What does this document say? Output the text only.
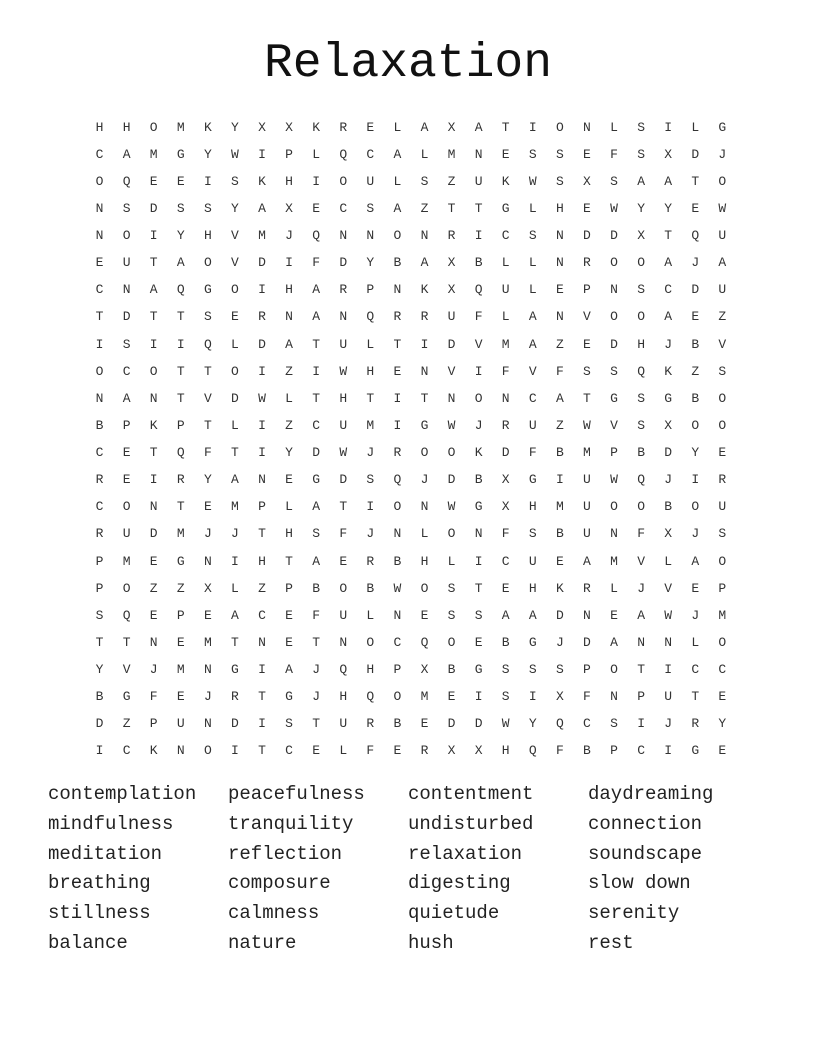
Relaxation
H	H	O	M	K	Y	X	X	K	R	E	L	A	X	A	T	I	O	N	L	S	I	L	G
C	A	M	G	Y	W	I	P	L	Q	C	A	L	M	N	E	S	S	E	F	S	X	D	J
O	Q	E	E	I	S	K	H	I	O	U	L	S	Z	U	K	W	S	X	S	A	A	T	O
N	S	D	S	S	Y	A	X	E	C	S	A	Z	T	T	G	L	H	E	W	Y	Y	E	W
N	O	I	Y	H	V	M	J	Q	N	N	O	N	R	I	C	S	N	D	D	X	T	Q	U
E	U	T	A	O	V	D	I	F	D	Y	B	A	X	B	L	L	N	R	O	O	A	J	A
C	N	A	Q	G	O	I	H	A	R	P	N	K	X	Q	U	L	E	P	N	S	C	D	U
T	D	T	T	S	E	R	N	A	N	Q	R	R	U	F	L	A	N	V	O	O	A	E	Z
I	S	I	I	Q	L	D	A	T	U	L	T	I	D	V	M	A	Z	E	D	H	J	B	V
O	C	O	T	T	O	I	Z	I	W	H	E	N	V	I	F	V	F	S	S	Q	K	Z	S
N	A	N	T	V	D	W	L	T	H	T	I	T	N	O	N	C	A	T	G	S	G	B	O
B	P	K	P	T	L	I	Z	C	U	M	I	G	W	J	R	U	Z	W	V	S	X	O	O
C	E	T	Q	F	T	I	Y	D	W	J	R	O	O	K	D	F	B	M	P	B	D	Y	E
R	E	I	R	Y	A	N	E	G	D	S	Q	J	D	B	X	G	I	U	W	Q	J	I	R
C	O	N	T	E	M	P	L	A	T	I	O	N	W	G	X	H	M	U	O	O	B	O	U
R	U	D	M	J	J	T	H	S	F	J	N	L	O	N	F	S	B	U	N	F	X	J	S
P	M	E	G	N	I	H	T	A	E	R	B	H	L	I	C	U	E	A	M	V	L	A	O
P	O	Z	Z	X	L	Z	P	B	O	B	W	O	S	T	E	H	K	R	L	J	V	E	P
S	Q	E	P	E	A	C	E	F	U	L	N	E	S	S	A	A	D	N	E	A	W	J	M
T	T	N	E	M	T	N	E	T	N	O	C	Q	O	E	B	G	J	D	A	N	N	L	O
Y	V	J	M	N	G	I	A	J	Q	H	P	X	B	G	S	S	S	P	O	T	I	C	C
B	G	F	E	J	R	T	G	J	H	Q	O	M	E	I	S	I	X	F	N	P	U	T	E
D	Z	P	U	N	D	I	S	T	U	R	B	E	D	D	W	Y	Q	C	S	I	J	R	Y
I	C	K	N	O	I	T	C	E	L	F	E	R	X	X	H	Q	F	B	P	C	I	G	E
contemplation	peacefulness	contentment	daydreaming
mindfulness	tranquility	undisturbed	connection
meditation	reflection	relaxation	soundscape
breathing	composure	digesting	slow down
stillness	calmness	quietude	serenity
balance	nature	hush	rest
